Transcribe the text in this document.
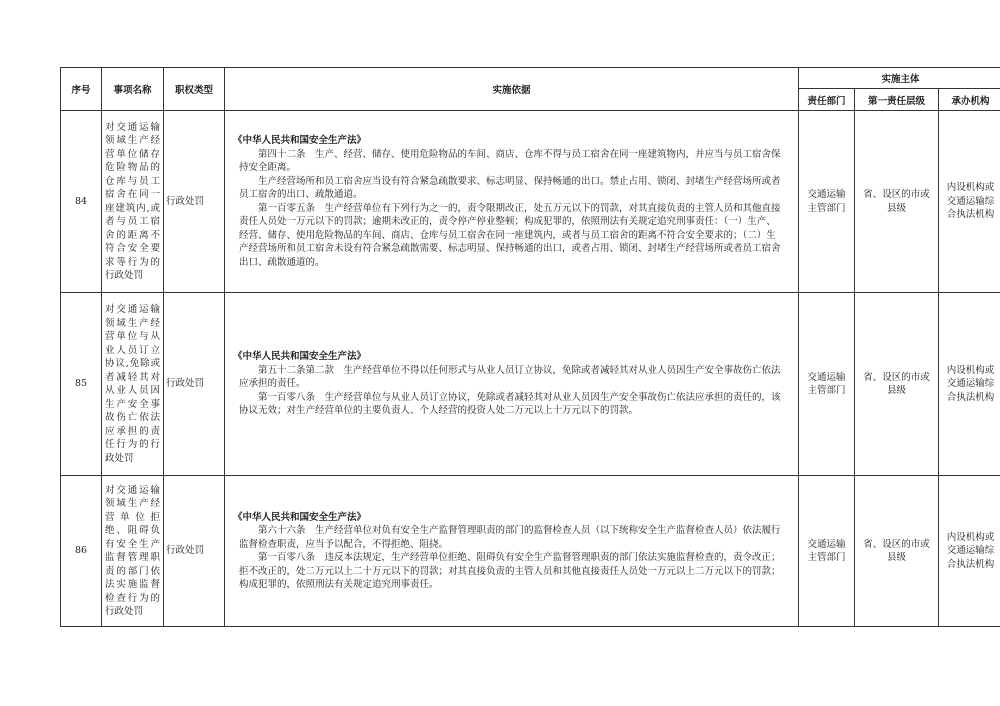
序号	事项名称	职权类型	实施依据	实施主体		
				责任部门	第一责任层级	承办机构
84	对交通运输领域生产经营单位储存危险物品的仓库与员工宿舍在同一座建筑内,或者与员工宿舍的距离不符合安全要求等行为的行政处罚	行政处罚	《中华人民共和国安全生产法》

第四十二条　生产、经营、储存、使用危险物品的车间、商店、仓库不得与员工宿舍在同一座建筑物内，并应当与员工宿舍保持安全距离。

生产经营场所和员工宿舍应当设有符合紧急疏散要求、标志明显、保持畅通的出口。禁止占用、锁闭、封堵生产经营场所或者员工宿舍的出口、疏散通道。

第一百零五条　生产经营单位有下列行为之一的，责令限期改正，处五万元以下的罚款，对其直接负责的主管人员和其他直接责任人员处一万元以下的罚款；逾期未改正的，责令停产停业整顿；构成犯罪的，依照刑法有关规定追究刑事责任：（一）生产、经营、储存、使用危险物品的车间、商店、仓库与员工宿舍在同一座建筑内，或者与员工宿舍的距离不符合安全要求的；（二）生产经营场所和员工宿舍未设有符合紧急疏散需要、标志明显、保持畅通的出口，或者占用、锁闭、封堵生产经营场所或者员工宿舍出口、疏散通道的。	交通运输主管部门	省、设区的市或县级	内设机构或交通运输综合执法机构
85	对交通运输领域生产经营单位与从业人员订立协议,免除或者减轻其对从业人员因生产安全事故伤亡依法应承担的责任行为的行政处罚	行政处罚	《中华人民共和国安全生产法》

第五十二条第二款　生产经营单位不得以任何形式与从业人员订立协议，免除或者减轻其对从业人员因生产安全事故伤亡依法应承担的责任。

第一百零八条　生产经营单位与从业人员订立协议，免除或者减轻其对从业人员因生产安全事故伤亡依法应承担的责任的，该协议无效；对生产经营单位的主要负责人、个人经营的投资人处二万元以上十万元以下的罚款。	交通运输主管部门	省、设区的市或县级	内设机构或交通运输综合执法机构
86	对交通运输领域生产经营单位拒绝、阻碍负有安全生产监督管理职责的部门依法实施监督检查行为的行政处罚	行政处罚	《中华人民共和国安全生产法》

第六十六条　生产经营单位对负有安全生产监督管理职责的部门的监督检查人员（以下统称安全生产监督检查人员）依法履行监督检查职责，应当予以配合，不得拒绝、阻挠。

第一百零八条　违反本法规定，生产经营单位拒绝、阻碍负有安全生产监督管理职责的部门依法实施监督检查的，责令改正；拒不改正的，处二万元以上二十万元以下的罚款；对其直接负责的主管人员和其他直接责任人员处一万元以上二万元以下的罚款；构成犯罪的，依照刑法有关规定追究刑事责任。	交通运输主管部门	省、设区的市或县级	内设机构或交通运输综合执法机构
